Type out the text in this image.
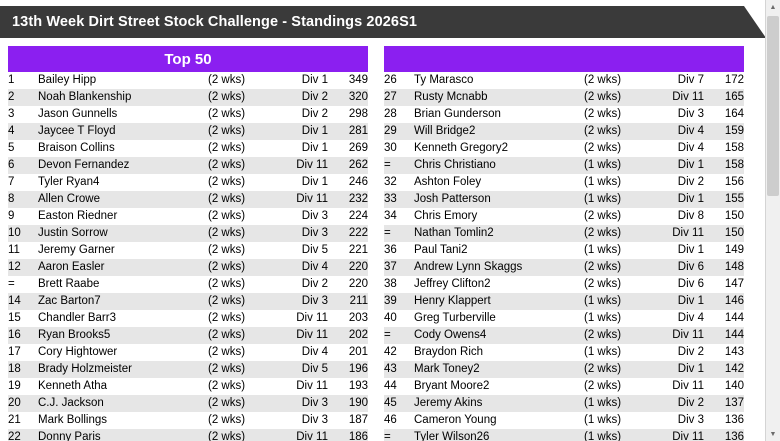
13th Week Dirt Street Stock Challenge - Standings 2026S1
Top 50
1	Bailey Hipp	(2 wks)	Div 1	349
2	Noah Blankenship	(2 wks)	Div 2	320
3	Jason Gunnells	(2 wks)	Div 2	298
4	Jaycee T Floyd	(2 wks)	Div 1	281
5	Braison Collins	(2 wks)	Div 1	269
6	Devon Fernandez	(2 wks)	Div 11	262
7	Tyler Ryan4	(2 wks)	Div 1	246
8	Allen Crowe	(2 wks)	Div 11	232
9	Easton Riedner	(2 wks)	Div 3	224
10	Justin Sorrow	(2 wks)	Div 3	222
11	Jeremy Garner	(2 wks)	Div 5	221
12	Aaron Easler	(2 wks)	Div 4	220
=	Brett Raabe	(2 wks)	Div 2	220
14	Zac Barton7	(2 wks)	Div 3	211
15	Chandler Barr3	(2 wks)	Div 11	203
16	Ryan Brooks5	(2 wks)	Div 11	202
17	Cory Hightower	(2 wks)	Div 4	201
18	Brady Holzmeister	(2 wks)	Div 5	196
19	Kenneth Atha	(2 wks)	Div 11	193
20	C.J. Jackson	(2 wks)	Div 3	190
21	Mark Bollings	(2 wks)	Div 3	187
22	Donny Paris	(2 wks)	Div 11	186
26	Ty Marasco	(2 wks)	Div 7	172
27	Rusty Mcnabb	(2 wks)	Div 11	165
28	Brian Gunderson	(2 wks)	Div 3	164
29	Will Bridge2	(2 wks)	Div 4	159
30	Kenneth Gregory2	(2 wks)	Div 4	158
=	Chris Christiano	(1 wks)	Div 1	158
32	Ashton Foley	(1 wks)	Div 2	156
33	Josh Patterson	(1 wks)	Div 1	155
34	Chris Emory	(2 wks)	Div 8	150
=	Nathan Tomlin2	(2 wks)	Div 11	150
36	Paul Tani2	(1 wks)	Div 1	149
37	Andrew Lynn Skaggs	(2 wks)	Div 6	148
38	Jeffrey Clifton2	(2 wks)	Div 6	147
39	Henry Klappert	(1 wks)	Div 1	146
40	Greg Turberville	(1 wks)	Div 4	144
=	Cody Owens4	(2 wks)	Div 11	144
42	Braydon Rich	(1 wks)	Div 2	143
43	Mark Toney2	(2 wks)	Div 1	142
44	Bryant Moore2	(2 wks)	Div 11	140
45	Jeremy Akins	(1 wks)	Div 2	137
46	Cameron Young	(1 wks)	Div 3	136
=	Tyler Wilson26	(1 wks)	Div 11	136
▲
▼
